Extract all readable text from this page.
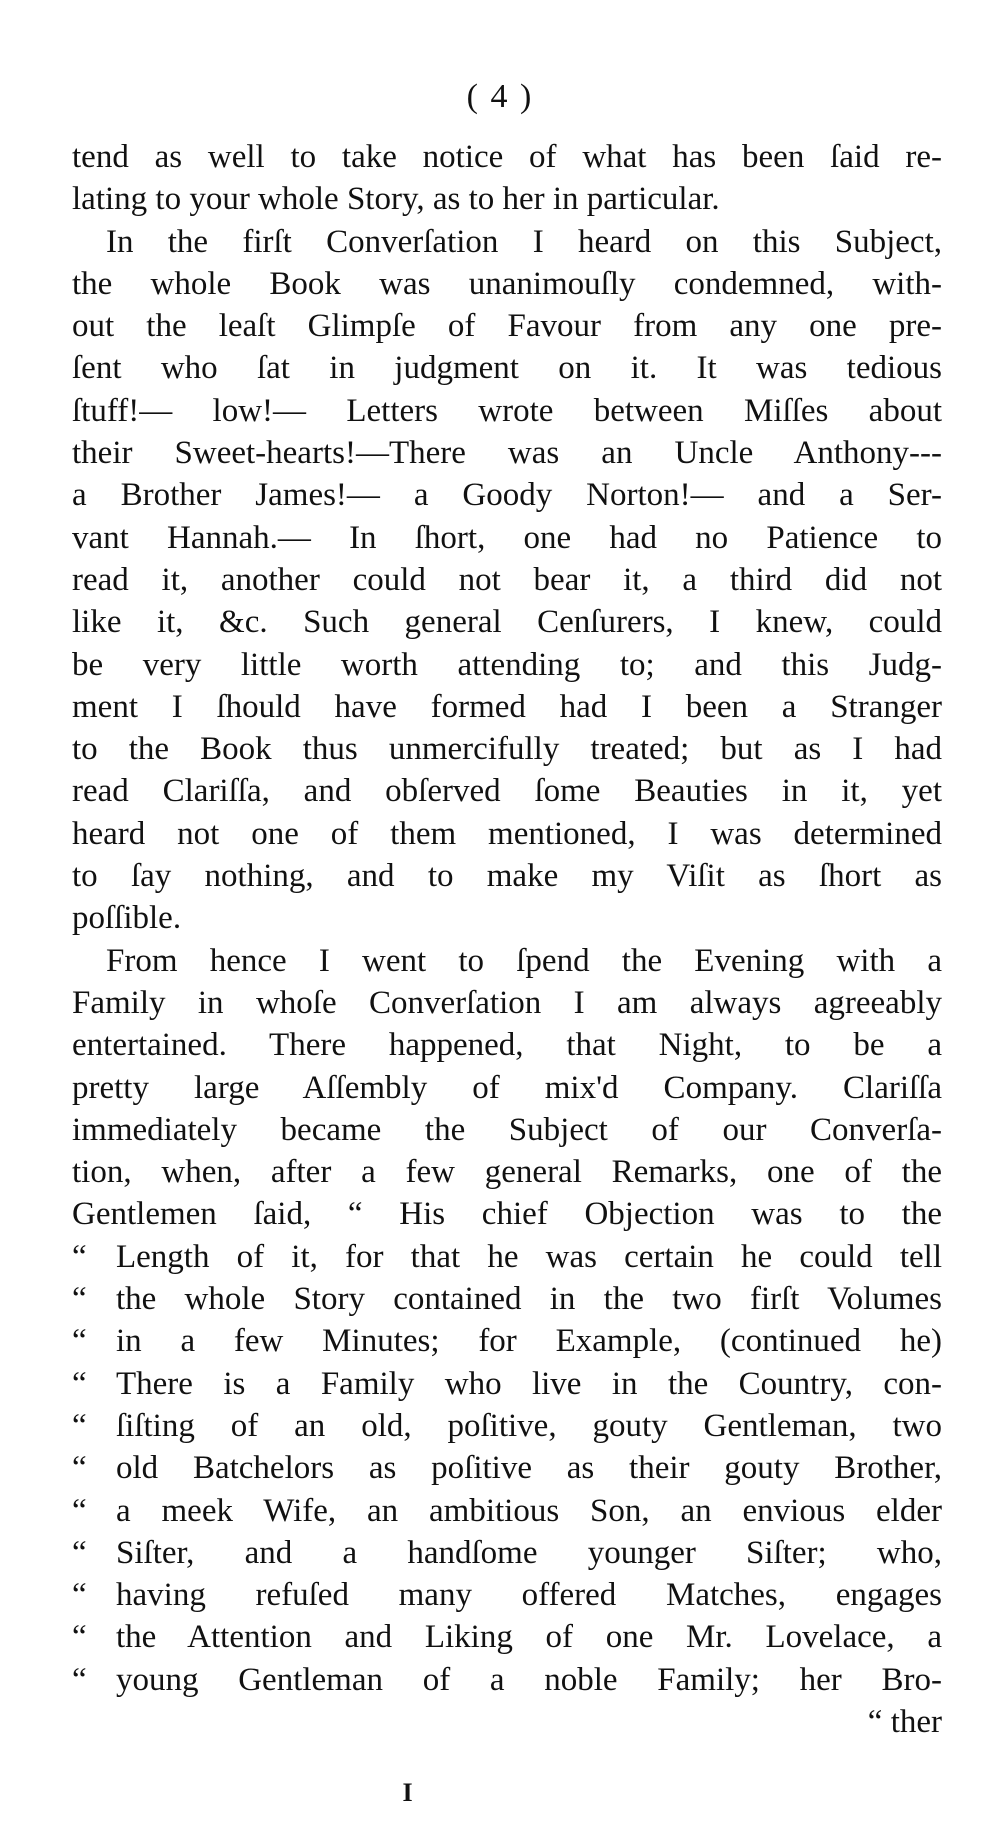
( 4 )
tend as well to take notice of what has been ſaid re-
lating to your whole Story, as to her in particular.
In the firſt Converſation I heard on this Subject,
the whole Book was unanimouſly condemned, with-
out the leaſt Glimpſe of Favour from any one pre-
ſent who ſat in judgment on it. It was tedious
ſtuff!— low!— Letters wrote between Miſſes about
their Sweet-hearts!—There was an Uncle Anthony---
a Brother James!— a Goody Norton!— and a Ser-
vant Hannah.— In ſhort, one had no Patience to
read it, another could not bear it, a third did not
like it, &c. Such general Cenſurers, I knew, could
be very little worth attending to; and this Judg-
ment I ſhould have formed had I been a Stranger
to the Book thus unmercifully treated; but as I had
read Clariſſa, and obſerved ſome Beauties in it, yet
heard not one of them mentioned, I was determined
to ſay nothing, and to make my Viſit as ſhort as
poſſible.
From hence I went to ſpend the Evening with a
Family in whoſe Converſation I am always agreeably
entertained. There happened, that Night, to be a
pretty large Aſſembly of mix'd Company. Clariſſa
immediately became the Subject of our Converſa-
tion, when, after a few general Remarks, one of the
Gentlemen ſaid, “ His chief Objection was to the
“ Length of it, for that he was certain he could tell
“ the whole Story contained in the two firſt Volumes
“ in a few Minutes; for Example, (continued he)
“ There is a Family who live in the Country, con-
“ ſiſting of an old, poſitive, gouty Gentleman, two
“ old Batchelors as poſitive as their gouty Brother,
“ a meek Wife, an ambitious Son, an envious elder
“ Siſter, and a handſome younger Siſter; who,
“ having refuſed many offered Matches, engages
“ the Attention and Liking of one Mr. Lovelace, a
“ young Gentleman of a noble Family; her Bro-
“ ther
I
